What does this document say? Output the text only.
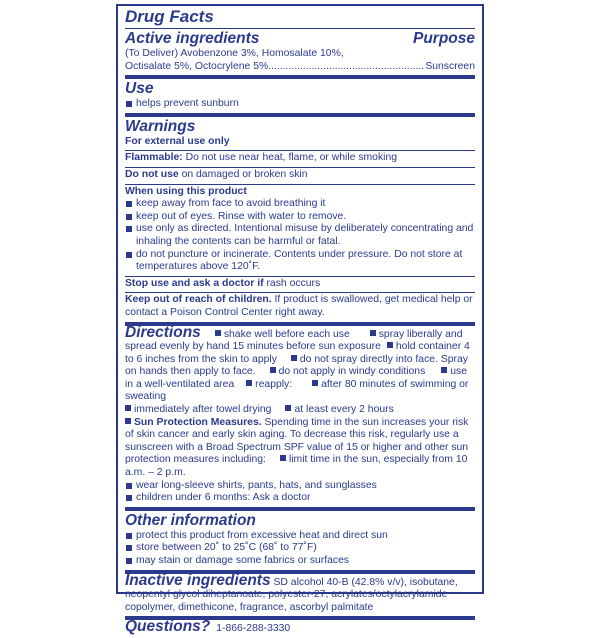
Drug Facts
Active ingredients	Purpose
(To Deliver) Avobenzone 3%, Homosalate 10%,
Octisalate 5%, Octocrylene 5%
.....	Sunscreen
Use
helps prevent sunburn
Warnings
For external use only
Flammable: Do not use near heat, flame, or while smoking
Do not use on damaged or broken skin
When using this product
keep away from face to avoid breathing it
keep out of eyes. Rinse with water to remove.
use only as directed. Intentional misuse by deliberately concentrating and inhaling the contents can be harmful or fatal.
do not puncture or incinerate. Contents under pressure. Do not store at temperatures above 120˚F.
Stop use and ask a doctor if rash occurs
Keep out of reach of children. If product is swallowed, get medical help or contact a Poison Control Center right away.
Directions shake well before each use	spray liberally and spread evenly by hand 15 minutes before sun exposure hold container 4 to 6 inches from the skin to apply do not spray directly into face. Spray on hands then apply to face. do not apply in windy conditions use in a well-ventilated area reapply:	after 80 minutes of swimming or sweating
immediately after towel drying at least every 2 hours
Sun Protection Measures. Spending time in the sun increases your risk of skin cancer and early skin aging. To decrease this risk, regularly use a sunscreen with a Broad Spectrum SPF value of 15 or higher and other sun protection measures including: limit time in the sun, especially from 10 a.m. – 2 p.m.
wear long-sleeve shirts, pants, hats, and sunglasses
children under 6 months: Ask a doctor
Other information
protect this product from excessive heat and direct sun
store between 20˚ to 25˚C (68˚ to 77˚F)
may stain or damage some fabrics or surfaces
Inactive ingredients SD alcohol 40-B (42.8% v/v), isobutane, neopentyl glycol diheptanoate, polyester-27, acrylates/octylacrylamide copolymer, dimethicone, fragrance, ascorbyl palmitate
Questions? 1-866-288-3330
